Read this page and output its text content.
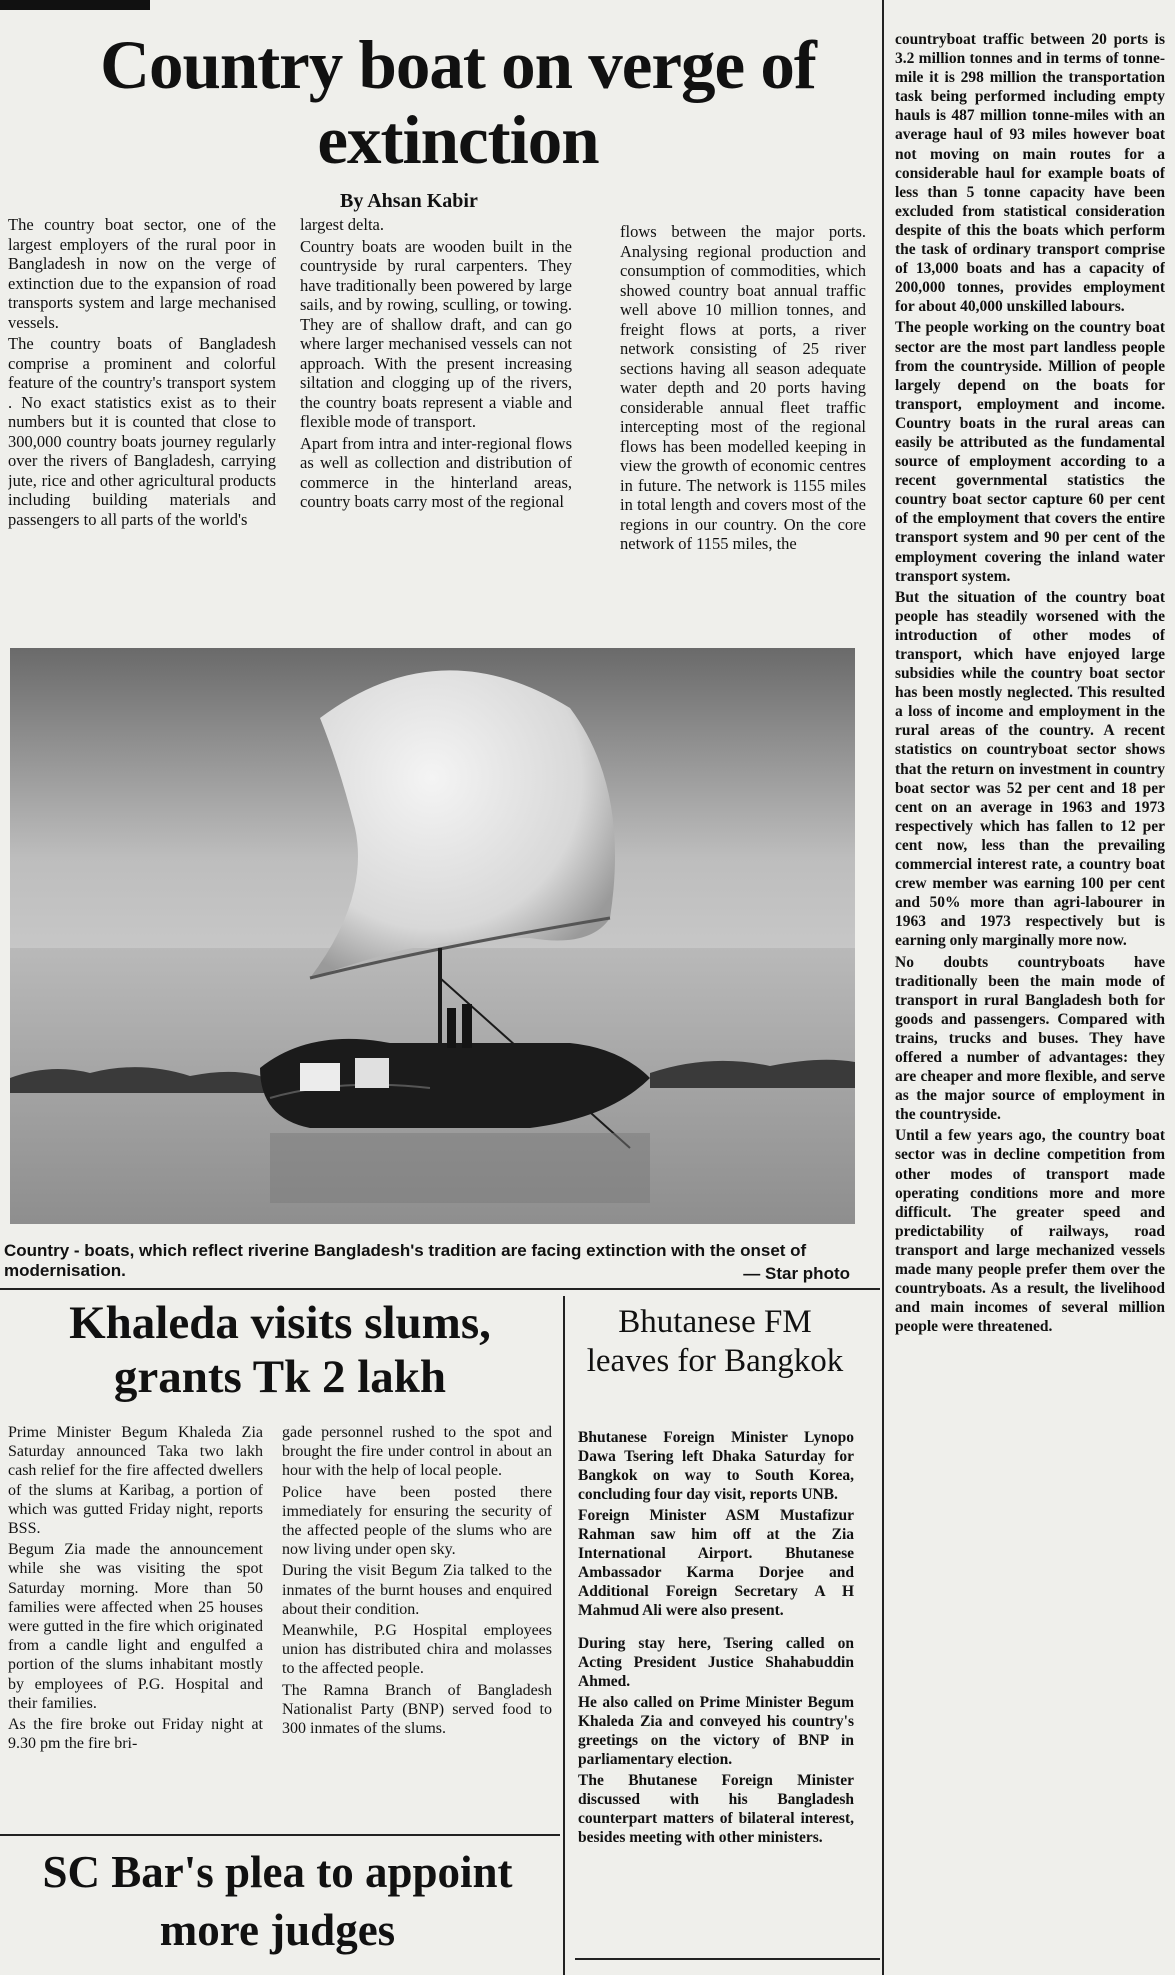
Country boat on verge of extinction
By Ahsan Kabir

The country boat sector, one of the largest employers of the rural poor in Bangladesh in now on the verge of extinction due to the expansion of road transports system and large mechanised vessels.

The country boats of Bangladesh comprise a prominent and colorful feature of the country's transport system . No exact statistics exist as to their numbers but it is counted that close to 300,000 country boats journey regularly over the rivers of Bangladesh, carrying jute, rice and other agricultural products including building materials and passengers to all parts of the world's

largest delta.

Country boats are wooden built in the countryside by rural carpenters. They have traditionally been powered by large sails, and by rowing, sculling, or towing. They are of shallow draft, and can go where larger mechanised vessels can not approach. With the present increasing siltation and clogging up of the rivers, the country boats represent a viable and flexible mode of transport.

Apart from intra and inter-regional flows as well as collection and distribution of commerce in the hinterland areas, country boats carry most of the regional

flows between the major ports. Analysing regional production and consumption of commodities, which showed country boat annual traffic well above 10 million tonnes, and freight flows at ports, a river network consisting of 25 river sections having all season adequate water depth and 20 ports having considerable annual fleet traffic intercepting most of the regional flows has been modelled keeping in view the growth of economic centres in future. The network is 1155 miles in total length and covers most of the regions in our country. On the core network of 1155 miles, the

countryboat traffic between 20 ports is 3.2 million tonnes and in terms of tonne-mile it is 298 million the transportation task being performed including empty hauls is 487 million tonne-miles with an average haul of 93 miles however boat not moving on main routes for a considerable haul for example boats of less than 5 tonne capacity have been excluded from statistical consideration despite of this the boats which perform the task of ordinary transport comprise of 13,000 boats and has a capacity of 200,000 tonnes, provides employment for about 40,000 unskilled labours.

The people working on the country boat sector are the most part landless people from the countryside. Million of people largely depend on the boats for transport, employment and income. Country boats in the rural areas can easily be attributed as the fundamental source of employment according to a recent governmental statistics the country boat sector capture 60 per cent of the employment that covers the entire transport system and 90 per cent of the employment covering the inland water transport system.

But the situation of the country boat people has steadily worsened with the introduction of other modes of transport, which have enjoyed large subsidies while the country boat sector has been mostly neglected. This resulted a loss of income and employment in the rural areas of the country. A recent statistics on countryboat sector shows that the return on investment in country boat sector was 52 per cent and 18 per cent on an average in 1963 and 1973 respectively which has fallen to 12 per cent now, less than the prevailing commercial interest rate, a country boat crew member was earning 100 per cent and 50% more than agri-labourer in 1963 and 1973 respectively but is earning only marginally more now.

No doubts countryboats have traditionally been the main mode of transport in rural Bangladesh both for goods and passengers. Compared with trains, trucks and buses. They have offered a number of advantages: they are cheaper and more flexible, and serve as the major source of employment in the countryside.

Until a few years ago, the country boat sector was in decline competition from other modes of transport made operating conditions more and more difficult. The greater speed and predictability of railways, road transport and large mechanized vessels made many people prefer them over the countryboats. As a result, the livelihood and main incomes of several million people were threatened.

Country - boats, which reflect riverine Bangladesh's tradition are facing extinction with the onset of modernisation.	— Star photo
Khaleda visits slums, grants Tk 2 lakh

Prime Minister Begum Khaleda Zia Saturday announced Taka two lakh cash relief for the fire affected dwellers of the slums at Karibag, a portion of which was gutted Friday night, reports BSS.

Begum Zia made the announcement while she was visiting the spot Saturday morning. More than 50 families were affected when 25 houses were gutted in the fire which originated from a candle light and engulfed a portion of the slums inhabitant mostly by employees of P.G. Hospital and their families.

As the fire broke out Friday night at 9.30 pm the fire bri-

gade personnel rushed to the spot and brought the fire under control in about an hour with the help of local people.

Police have been posted there immediately for ensuring the security of the affected people of the slums who are now living under open sky.

During the visit Begum Zia talked to the inmates of the burnt houses and enquired about their condition.

Meanwhile, P.G Hospital employees union has distributed chira and molasses to the affected people.

The Ramna Branch of Bangladesh Nationalist Party (BNP) served food to 300 inmates of the slums.

Bhutanese FM leaves for Bangkok

Bhutanese Foreign Minister Lynopo Dawa Tsering left Dhaka Saturday for Bangkok on way to South Korea, concluding four day visit, reports UNB.

Foreign Minister ASM Mustafizur Rahman saw him off at the Zia International Airport. Bhutanese Ambassador Karma Dorjee and Additional Foreign Secretary A H Mahmud Ali were also present.

During stay here, Tsering called on Acting President Justice Shahabuddin Ahmed.

He also called on Prime Minister Begum Khaleda Zia and conveyed his country's greetings on the victory of BNP in parliamentary election.

The Bhutanese Foreign Minister discussed with his Bangladesh counterpart matters of bilateral interest, besides meeting with other ministers.

SC Bar's plea to appoint more judges
